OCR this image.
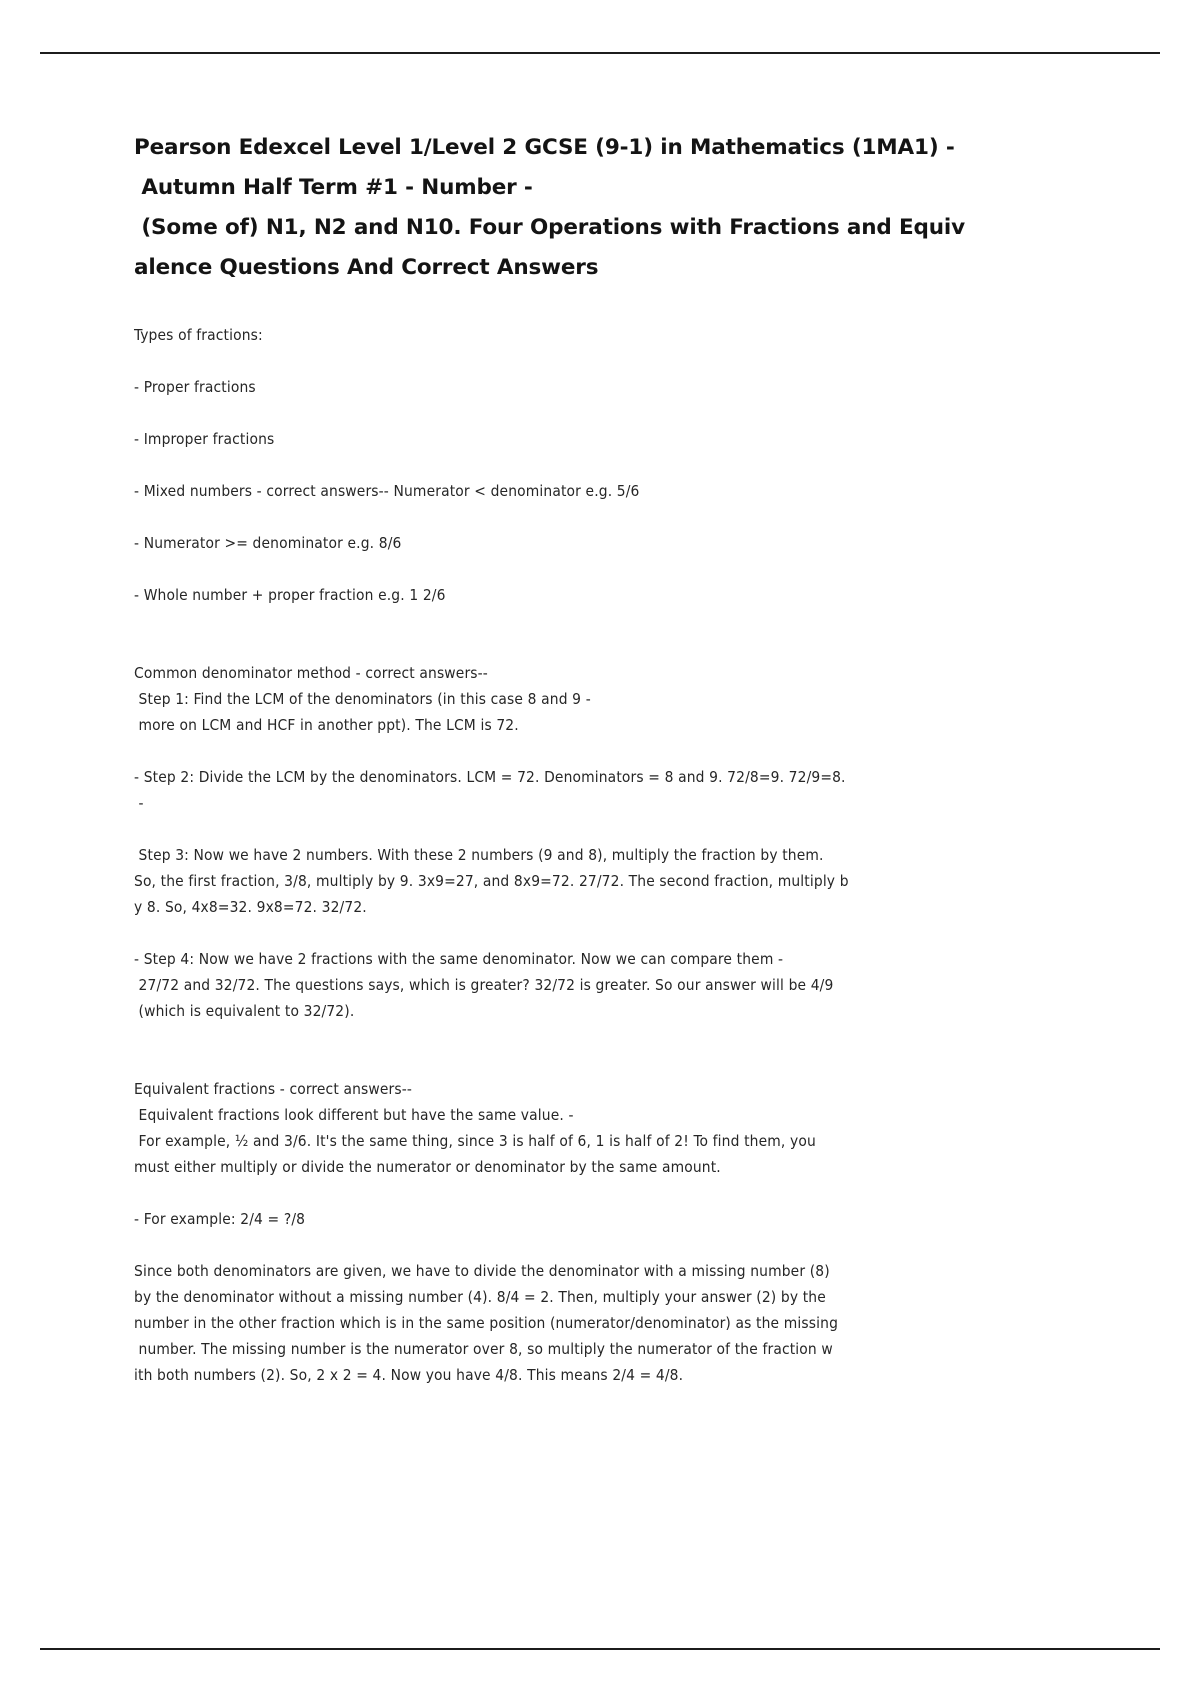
Pearson Edexcel Level 1/Level 2 GCSE (9-1) in Mathematics (1MA1) -
Autumn Half Term #1 - Number -
(Some of) N1, N2 and N10. Four Operations with Fractions and Equiv
alence Questions And Correct Answers

Types of fractions:

- Proper fractions

- Improper fractions

- Mixed numbers - correct answers-- Numerator < denominator e.g. 5/6

- Numerator >= denominator e.g. 8/6

- Whole number + proper fraction e.g. 1 2/6

Common denominator method - correct answers--
Step 1: Find the LCM of the denominators (in this case 8 and 9 -
more on LCM and HCF in another ppt). The LCM is 72.

- Step 2: Divide the LCM by the denominators. LCM = 72. Denominators = 8 and 9. 72/8=9. 72/9=8.
-

Step 3: Now we have 2 numbers. With these 2 numbers (9 and 8), multiply the fraction by them.
So, the first fraction, 3/8, multiply by 9. 3x9=27, and 8x9=72. 27/72. The second fraction, multiply b
y 8. So, 4x8=32. 9x8=72. 32/72.

- Step 4: Now we have 2 fractions with the same denominator. Now we can compare them -
27/72 and 32/72. The questions says, which is greater? 32/72 is greater. So our answer will be 4/9
(which is equivalent to 32/72).

Equivalent fractions - correct answers--
Equivalent fractions look different but have the same value. -
For example, ½ and 3/6. It's the same thing, since 3 is half of 6, 1 is half of 2! To find them, you
must either multiply or divide the numerator or denominator by the same amount.

- For example: 2/4 = ?/8

Since both denominators are given, we have to divide the denominator with a missing number (8)
by the denominator without a missing number (4). 8/4 = 2. Then, multiply your answer (2) by the
number in the other fraction which is in the same position (numerator/denominator) as the missing
number. The missing number is the numerator over 8, so multiply the numerator of the fraction w
ith both numbers (2). So, 2 x 2 = 4. Now you have 4/8. This means 2/4 = 4/8.
